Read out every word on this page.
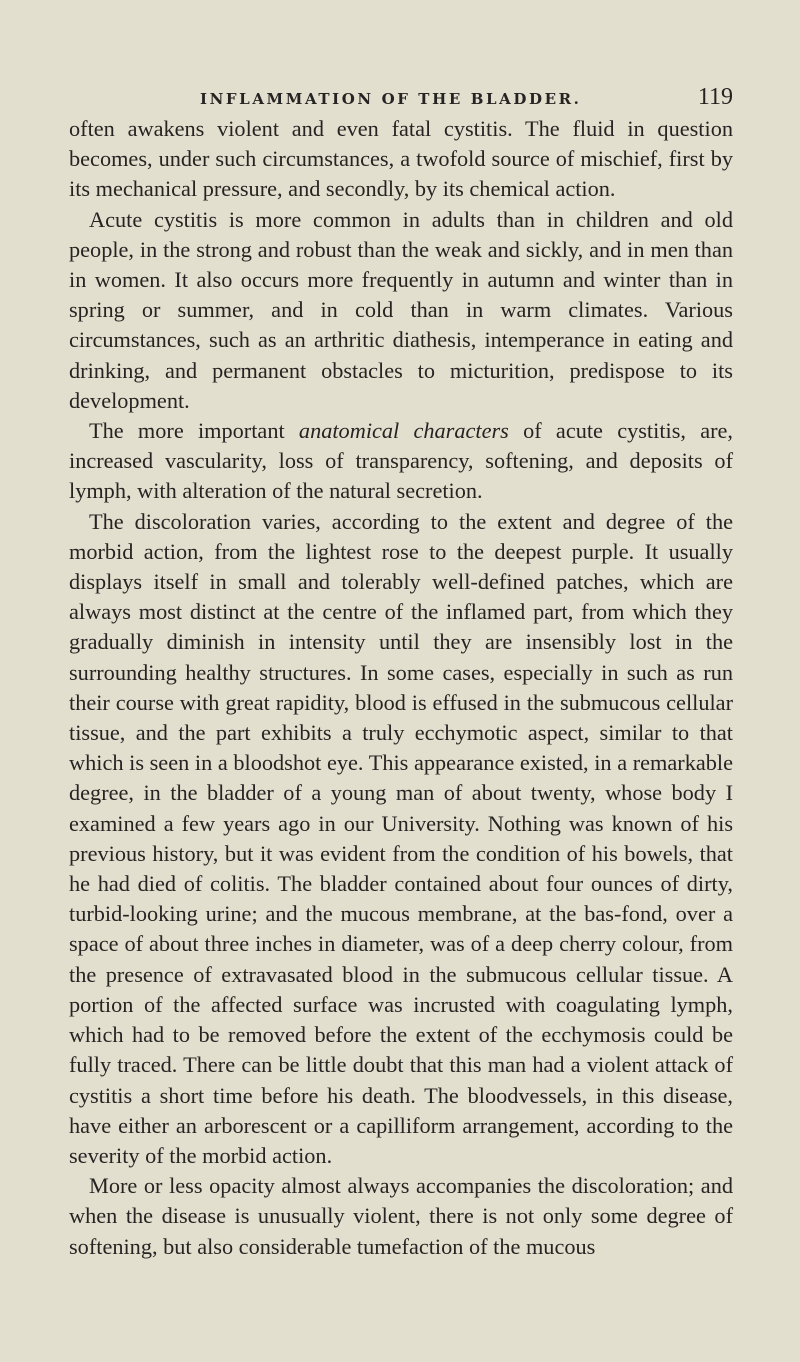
INFLAMMATION OF THE BLADDER.	119

often awakens violent and even fatal cystitis. The fluid in question becomes, under such circumstances, a twofold source of mischief, first by its mechanical pressure, and secondly, by its chemical action.

Acute cystitis is more common in adults than in children and old people, in the strong and robust than the weak and sickly, and in men than in women. It also occurs more frequently in autumn and winter than in spring or summer, and in cold than in warm climates. Various circumstances, such as an arthritic diathesis, intemperance in eating and drinking, and permanent obstacles to micturition, predispose to its development.

The more important anatomical characters of acute cystitis, are, increased vascularity, loss of transparency, softening, and deposits of lymph, with alteration of the natural secretion.

The discoloration varies, according to the extent and degree of the morbid action, from the lightest rose to the deepest purple. It usually displays itself in small and tolerably well-defined patches, which are always most distinct at the centre of the inflamed part, from which they gradually diminish in intensity until they are insensibly lost in the surrounding healthy structures. In some cases, especially in such as run their course with great rapidity, blood is effused in the submucous cellular tissue, and the part exhibits a truly ecchymotic aspect, similar to that which is seen in a bloodshot eye. This appearance existed, in a remarkable degree, in the bladder of a young man of about twenty, whose body I examined a few years ago in our University. Nothing was known of his previous history, but it was evident from the condition of his bowels, that he had died of colitis. The bladder contained about four ounces of dirty, turbid-looking urine; and the mucous membrane, at the bas-fond, over a space of about three inches in diameter, was of a deep cherry colour, from the presence of extravasated blood in the submucous cellular tissue. A portion of the affected surface was incrusted with coagulating lymph, which had to be removed before the extent of the ecchymosis could be fully traced. There can be little doubt that this man had a violent attack of cystitis a short time before his death. The bloodvessels, in this disease, have either an arborescent or a capilliform arrangement, according to the severity of the morbid action.

More or less opacity almost always accompanies the discoloration; and when the disease is unusually violent, there is not only some degree of softening, but also considerable tumefaction of the mucous
